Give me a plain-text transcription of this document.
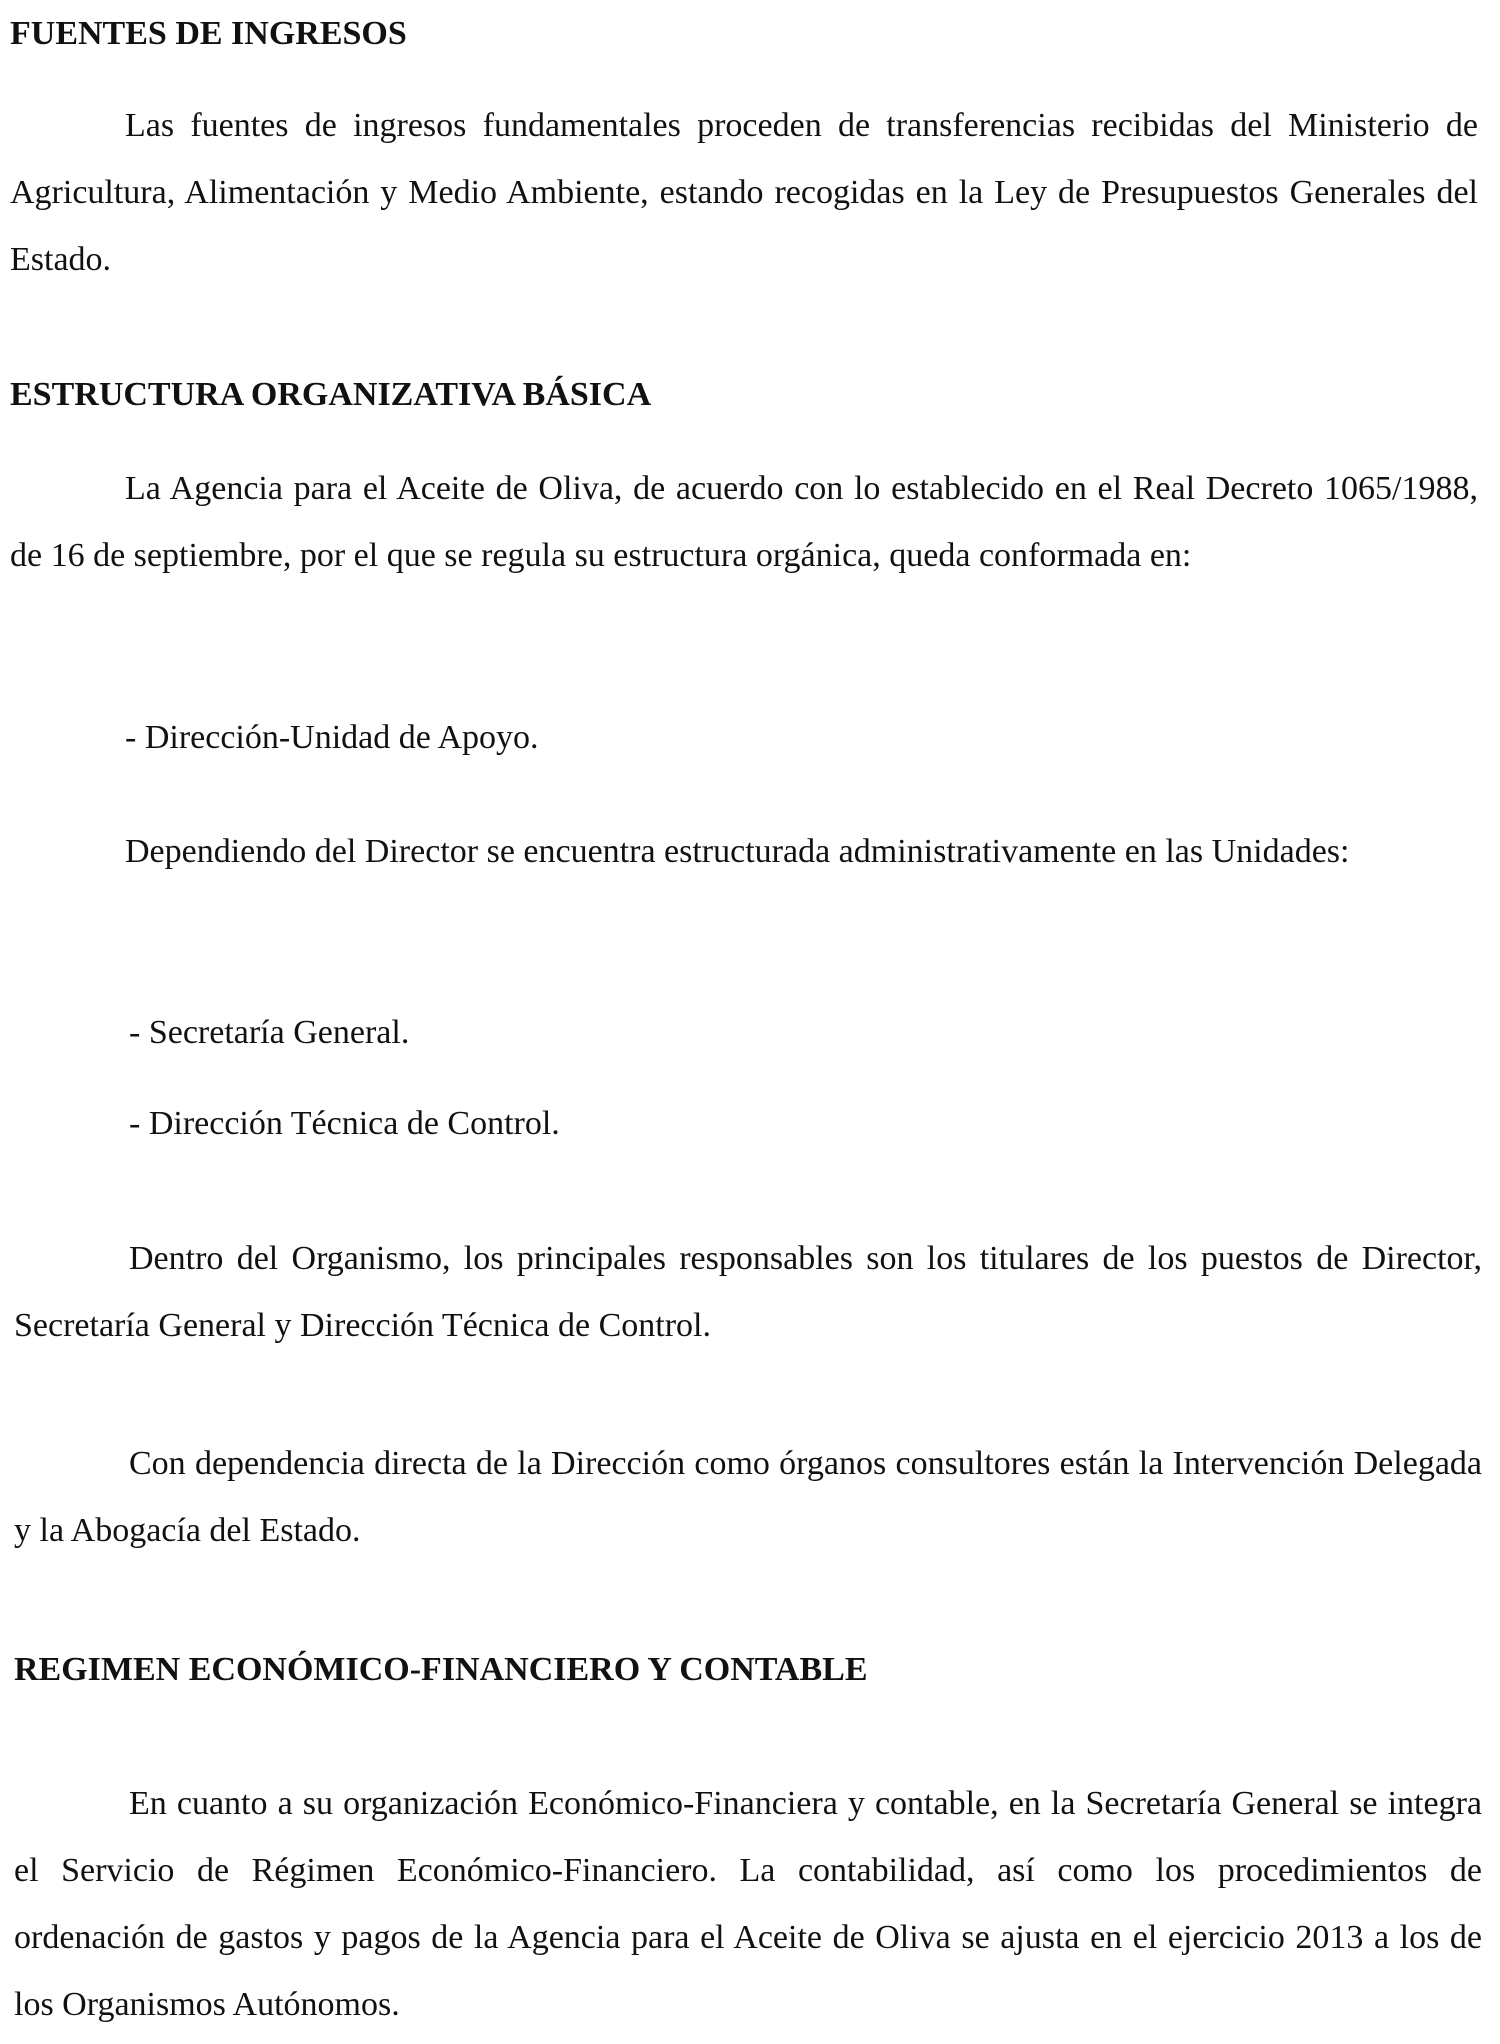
FUENTES DE INGRESOS

Las fuentes de ingresos fundamentales proceden de transferencias recibidas del Ministerio de Agricultura, Alimentación y Medio Ambiente, estando recogidas en la Ley de Presupuestos Generales del Estado.

ESTRUCTURA ORGANIZATIVA BÁSICA

La Agencia para el Aceite de Oliva, de acuerdo con lo establecido en el Real Decreto 1065/1988, de 16 de septiembre, por el que se regula su estructura orgánica, queda conformada en:

- Dirección-Unidad de Apoyo.

Dependiendo del Director se encuentra estructurada administrativamente en las Unidades:

- Secretaría General.
- Dirección Técnica de Control.

Dentro del Organismo, los principales responsables son los titulares de los puestos de Director, Secretaría General y Dirección Técnica de Control.

Con dependencia directa de la Dirección como órganos consultores están la Intervención Delegada y la Abogacía del Estado.

REGIMEN ECONÓMICO-FINANCIERO Y CONTABLE

En cuanto a su organización Económico-Financiera y contable, en la Secretaría General se integra el Servicio de Régimen Económico-Financiero. La contabilidad, así como los procedimientos de ordenación de gastos y pagos de la Agencia para el Aceite de Oliva se ajusta en el ejercicio 2013 a los de los Organismos Autónomos.
